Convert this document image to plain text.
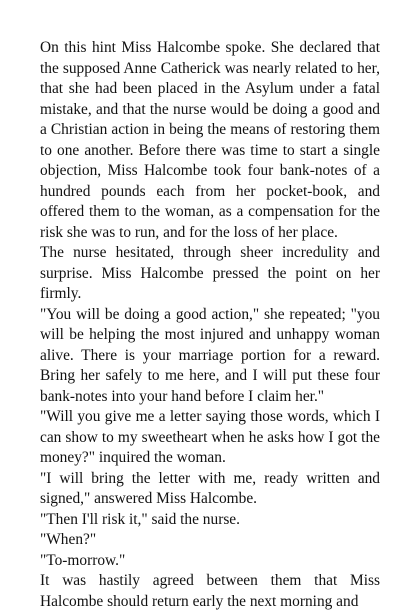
On this hint Miss Halcombe spoke. She declared that the supposed Anne Catherick was nearly related to her, that she had been placed in the Asylum under a fatal mistake, and that the nurse would be doing a good and a Christian action in being the means of restoring them to one another. Before there was time to start a single objection, Miss Halcombe took four bank-notes of a hundred pounds each from her pocket-book, and offered them to the woman, as a compensation for the risk she was to run, and for the loss of her place.

The nurse hesitated, through sheer incredulity and surprise. Miss Halcombe pressed the point on her firmly.

"You will be doing a good action," she repeated; "you will be helping the most injured and unhappy woman alive. There is your marriage portion for a reward. Bring her safely to me here, and I will put these four bank-notes into your hand before I claim her."

"Will you give me a letter saying those words, which I can show to my sweetheart when he asks how I got the money?" inquired the woman.

"I will bring the letter with me, ready written and signed," answered Miss Halcombe.

"Then I'll risk it," said the nurse.

"When?"

"To-morrow."

It was hastily agreed between them that Miss Halcombe should return early the next morning and
